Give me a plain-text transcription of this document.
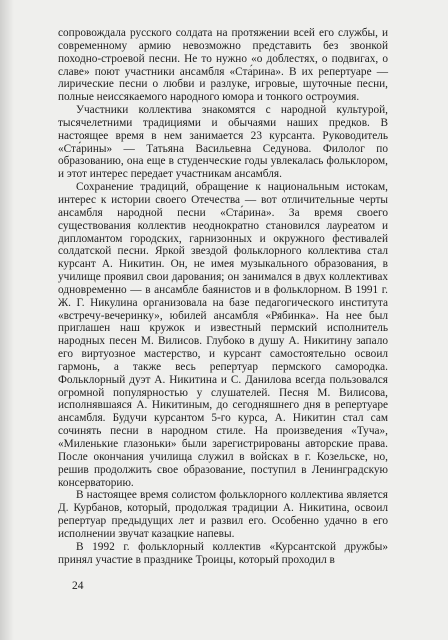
сопровождала русского солдата на протяжении всей его службы, и современному армию невозможно представить без звонкой походно-строевой песни. Не то нужно «о доблестях, о подвигах, о славе» поют участники ансамбля «Ста́рина». В их репертуаре — лирические песни о любви и разлуке, игровые, шуточные песни, полные неиссякаемого народного юмора и тонкого остроумия.

Участники коллектива знакомятся с народной культурой, тысячелетними традициями и обычаями наших предков. В настоящее время в нем занимается 23 курсанта. Руководитель «Ста́рины» — Татьяна Васильевна Седунова. Филолог по образованию, она еще в студенческие годы увлекалась фольклором, и этот интерес передает участникам ансамбля.

Сохранение традиций, обращение к национальным истокам, интерес к истории своего Отечества — вот отличительные черты ансамбля народной песни «Ста́рина». За время своего существования коллектив неоднократно становился лауреатом и дипломантом городских, гарнизонных и окружного фестивалей солдатской песни. Яркой звездой фольклорного коллектива стал курсант А. Никитин. Он, не имея музыкального образования, в училище проявил свои дарования; он занимался в двух коллективах одновременно — в ансамбле баянистов и в фольклорном. В 1991 г. Ж. Г. Никулина организовала на базе педагогического института «встречу-вечеринку», юбилей ансамбля «Рябинка». На нее был приглашен наш кружок и известный пермский исполнитель народных песен М. Вилисов. Глубоко в душу А. Никитину запало его виртуозное мастерство, и курсант самостоятельно освоил гармонь, а также весь репертуар пермского самородка. Фольклорный дуэт А. Никитина и С. Данилова всегда пользовался огромной популярностью у слушателей. Песня М. Вилисова, исполнявшаяся А. Никитиным, до сегодняшнего дня в репертуаре ансамбля. Будучи курсантом 5-го курса, А. Никитин стал сам сочинять песни в народном стиле. На произведения «Туча», «Миленькие глазоньки» были зарегистрированы авторские права. После окончания училища служил в войсках в г. Козельске, но, решив продолжить свое образование, поступил в Ленинградскую консерваторию.

В настоящее время солистом фольклорного коллектива является Д. Курбанов, который, продолжая традиции А. Никитина, освоил репертуар предыдущих лет и развил его. Особенно удачно в его исполнении звучат казацкие напевы.

В 1992 г. фольклорный коллектив «Курсантской дружбы» принял участие в празднике Троицы, который проходил в

24
